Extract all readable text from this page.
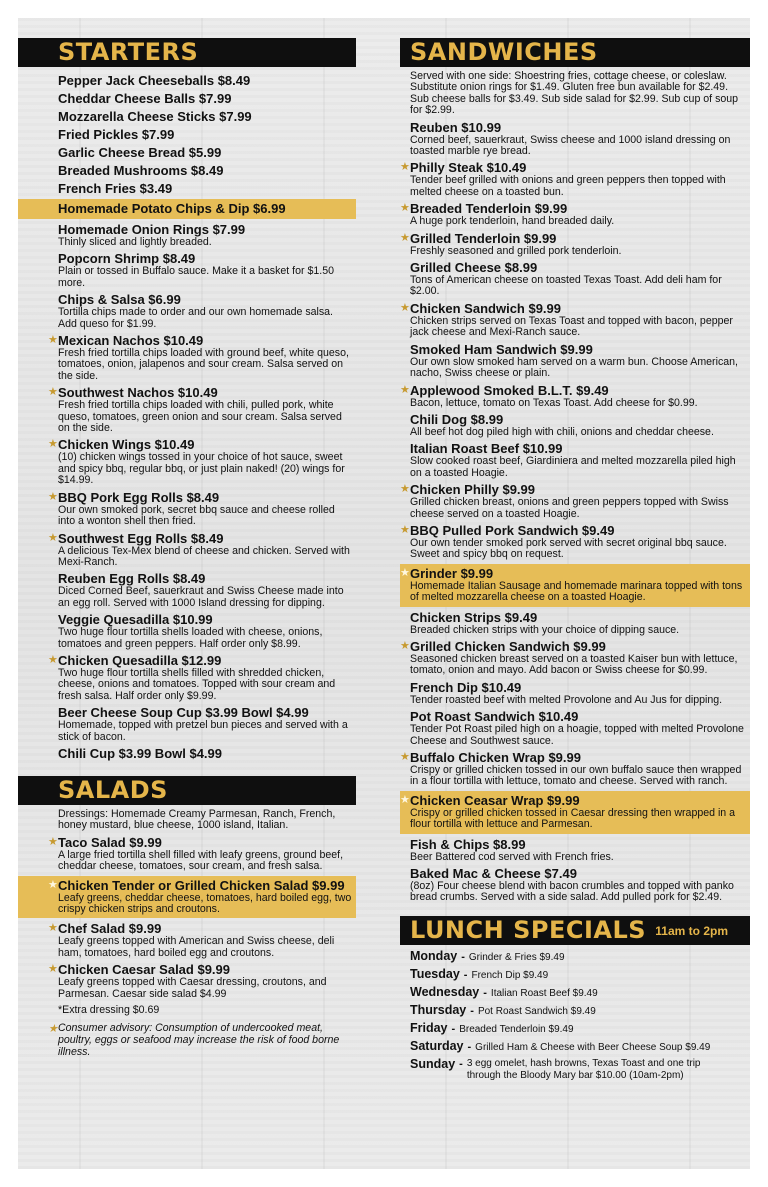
STARTERS
Pepper Jack Cheeseballs $8.49
Cheddar Cheese Balls $7.99
Mozzarella Cheese Sticks $7.99
Fried Pickles $7.99
Garlic Cheese Bread $5.99
Breaded Mushrooms $8.49
French Fries $3.49
Homemade Potato Chips & Dip $6.99
Homemade Onion Rings $7.99
Thinly sliced and lightly breaded.
Popcorn Shrimp $8.49
Plain or tossed in Buffalo sauce. Make it a basket for $1.50 more.
Chips & Salsa $6.99
Tortilla chips made to order and our own homemade salsa. Add queso for $1.99.
★ Mexican Nachos $10.49
Fresh fried tortilla chips loaded with ground beef, white queso, tomatoes, onion, jalapenos and sour cream. Salsa served on the side.
★ Southwest Nachos $10.49
Fresh fried tortilla chips loaded with chili, pulled pork, white queso, tomatoes, green onion and sour cream. Salsa served on the side.
★ Chicken Wings $10.49
(10) chicken wings tossed in your choice of hot sauce, sweet and spicy bbq, regular bbq, or just plain naked! (20) wings for $14.99.
★ BBQ Pork Egg Rolls $8.49
Our own smoked pork, secret bbq sauce and cheese rolled into a wonton shell then fried.
★ Southwest Egg Rolls $8.49
A delicious Tex-Mex blend of cheese and chicken. Served with Mexi-Ranch.
Reuben Egg Rolls $8.49
Diced Corned Beef, sauerkraut and Swiss Cheese made into an egg roll. Served with 1000 Island dressing for dipping.
Veggie Quesadilla $10.99
Two huge flour tortilla shells loaded with cheese, onions, tomatoes and green peppers. Half order only $8.99.
★ Chicken Quesadilla $12.99
Two huge flour tortilla shells filled with shredded chicken, cheese, onions and tomatoes. Topped with sour cream and fresh salsa. Half order only $9.99.
Beer Cheese Soup Cup $3.99 Bowl $4.99
Homemade, topped with pretzel bun pieces and served with a stick of bacon.
Chili Cup $3.99 Bowl $4.99
SALADS
Dressings: Homemade Creamy Parmesan, Ranch, French, honey mustard, blue cheese, 1000 island, Italian.
★ Taco Salad $9.99
A large fried tortilla shell filled with leafy greens, ground beef, cheddar cheese, tomatoes, sour cream, and fresh salsa.
★ Chicken Tender or Grilled Chicken Salad $9.99
Leafy greens, cheddar cheese, tomatoes, hard boiled egg, two crispy chicken strips and croutons.
★ Chef Salad $9.99
Leafy greens topped with American and Swiss cheese, deli ham, tomatoes, hard boiled egg and croutons.
★ Chicken Caesar Salad $9.99
Leafy greens topped with Caesar dressing, croutons, and Parmesan. Caesar side salad $4.99
*Extra dressing $0.69
★ Consumer advisory: Consumption of undercooked meat, poultry, eggs or seafood may increase the risk of food borne illness.
SANDWICHES
Served with one side: Shoestring fries, cottage cheese, or coleslaw. Substitute onion rings for $1.49. Gluten free bun available for $2.49. Sub cheese balls for $3.49. Sub side salad for $2.99. Sub cup of soup for $2.99.
Reuben $10.99
Corned beef, sauerkraut, Swiss cheese and 1000 island dressing on toasted marble rye bread.
★ Philly Steak $10.49
Tender beef grilled with onions and green peppers then topped with melted cheese on a toasted bun.
★ Breaded Tenderloin $9.99
A huge pork tenderloin, hand breaded daily.
★ Grilled Tenderloin $9.99
Freshly seasoned and grilled pork tenderloin.
Grilled Cheese $8.99
Tons of American cheese on toasted Texas Toast. Add deli ham for $2.00.
★ Chicken Sandwich $9.99
Chicken strips served on Texas Toast and topped with bacon, pepper jack cheese and Mexi-Ranch sauce.
Smoked Ham Sandwich $9.99
Our own slow smoked ham served on a warm bun. Choose American, nacho, Swiss cheese or plain.
★ Applewood Smoked B.L.T. $9.49
Bacon, lettuce, tomato on Texas Toast. Add cheese for $0.99.
Chili Dog $8.99
All beef hot dog piled high with chili, onions and cheddar cheese.
Italian Roast Beef $10.99
Slow cooked roast beef, Giardiniera and melted mozzarella piled high on a toasted Hoagie.
★ Chicken Philly $9.99
Grilled chicken breast, onions and green peppers topped with Swiss cheese served on a toasted Hoagie.
★ BBQ Pulled Pork Sandwich $9.49
Our own tender smoked pork served with secret original bbq sauce. Sweet and spicy bbq on request.
★ Grinder $9.99
Homemade Italian Sausage and homemade marinara topped with tons of melted mozzarella cheese on a toasted Hoagie.
Chicken Strips $9.49
Breaded chicken strips with your choice of dipping sauce.
★ Grilled Chicken Sandwich $9.99
Seasoned chicken breast served on a toasted Kaiser bun with lettuce, tomato, onion and mayo. Add bacon or Swiss cheese for $0.99.
French Dip $10.49
Tender roasted beef with melted Provolone and Au Jus for dipping.
Pot Roast Sandwich $10.49
Tender Pot Roast piled high on a hoagie, topped with melted Provolone Cheese and Southwest sauce.
★ Buffalo Chicken Wrap $9.99
Crispy or grilled chicken tossed in our own buffalo sauce then wrapped in a flour tortilla with lettuce, tomato and cheese. Served with ranch.
★ Chicken Ceasar Wrap $9.99
Crispy or grilled chicken tossed in Caesar dressing then wrapped in a flour tortilla with lettuce and Parmesan.
Fish & Chips $8.99
Beer Battered cod served with French fries.
Baked Mac & Cheese $7.49
(8oz) Four cheese blend with bacon crumbles and topped with panko bread crumbs. Served with a side salad. Add pulled pork for $2.49.
LUNCH SPECIALS 11am to 2pm
Monday - Grinder & Fries $9.49
Tuesday - French Dip $9.49
Wednesday - Italian Roast Beef $9.49
Thursday - Pot Roast Sandwich $9.49
Friday - Breaded Tenderloin $9.49
Saturday - Grilled Ham & Cheese with Beer Cheese Soup $9.49
Sunday - 3 egg omelet, hash browns, Texas Toast and one trip through the Bloody Mary bar $10.00 (10am-2pm)
